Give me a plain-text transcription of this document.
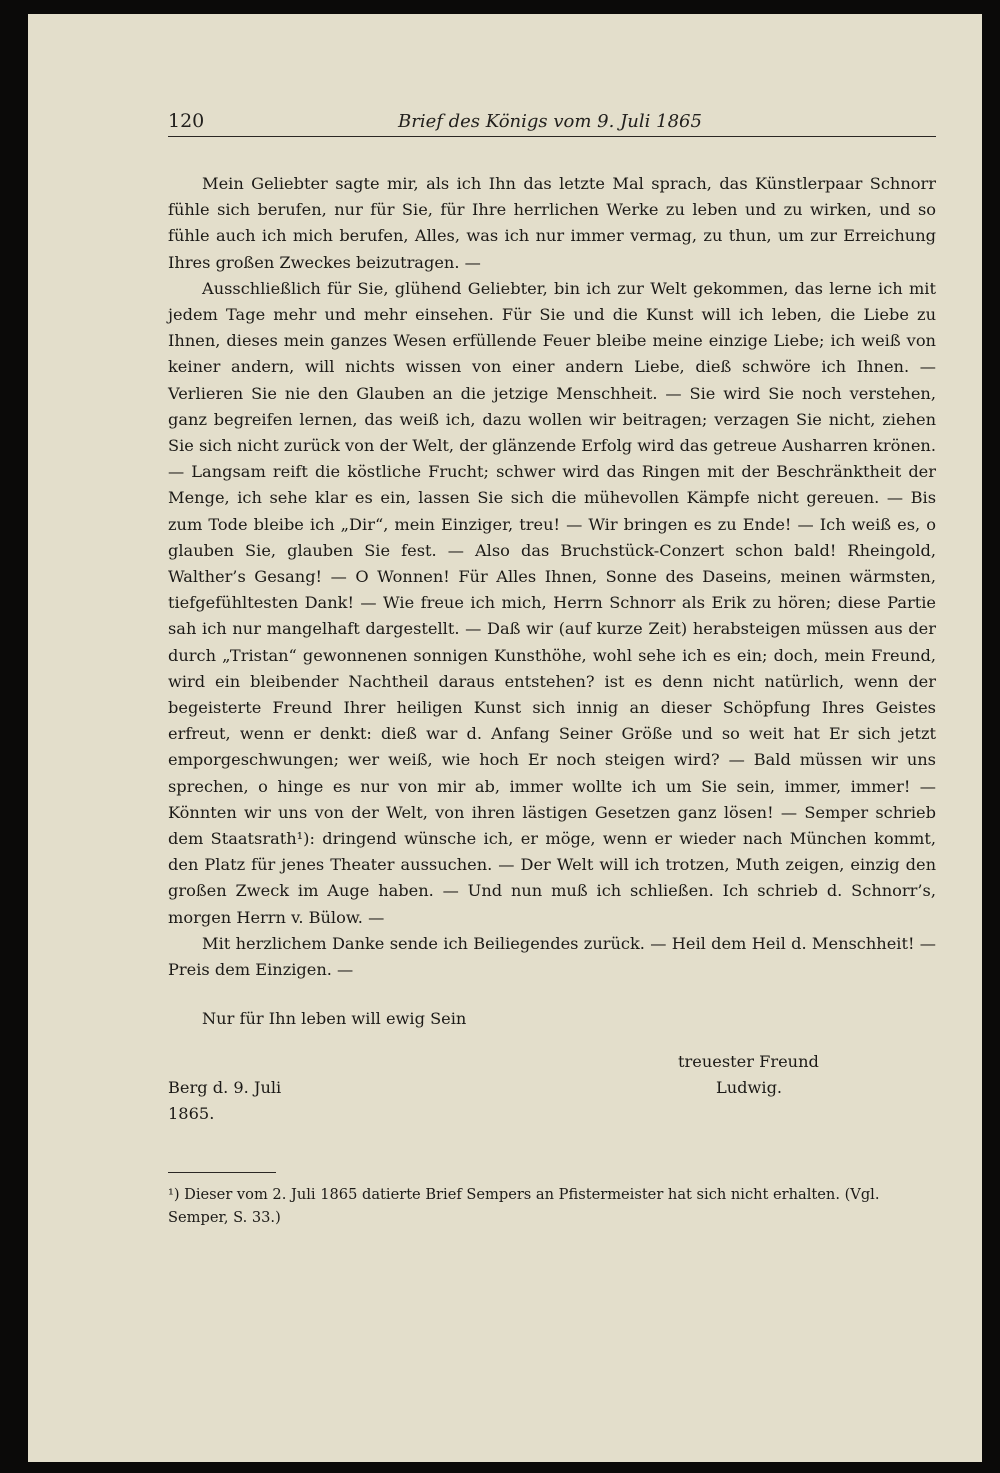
120	Brief des Königs vom 9. Juli 1865

Mein Geliebter sagte mir, als ich Ihn das letzte Mal sprach, das Künstlerpaar Schnorr fühle sich berufen, nur für Sie, für Ihre herrlichen Werke zu leben und zu wirken, und so fühle auch ich mich berufen, Alles, was ich nur immer vermag, zu thun, um zur Erreichung Ihres großen Zweckes beizutragen. —

Ausschließlich für Sie, glühend Geliebter, bin ich zur Welt gekommen, das lerne ich mit jedem Tage mehr und mehr einsehen. Für Sie und die Kunst will ich leben, die Liebe zu Ihnen, dieses mein ganzes Wesen erfüllende Feuer bleibe meine einzige Liebe; ich weiß von keiner andern, will nichts wissen von einer andern Liebe, dieß schwöre ich Ihnen. — Verlieren Sie nie den Glauben an die jetzige Menschheit. — Sie wird Sie noch verstehen, ganz begreifen lernen, das weiß ich, dazu wollen wir beitragen; verzagen Sie nicht, ziehen Sie sich nicht zurück von der Welt, der glänzende Erfolg wird das getreue Ausharren krönen. — Langsam reift die köstliche Frucht; schwer wird das Ringen mit der Beschränktheit der Menge, ich sehe klar es ein, lassen Sie sich die mühevollen Kämpfe nicht gereuen. — Bis zum Tode bleibe ich „Dir“, mein Einziger, treu! — Wir bringen es zu Ende! — Ich weiß es, o glauben Sie, glauben Sie fest. — Also das Bruchstück-Conzert schon bald! Rheingold, Walther’s Gesang! — O Wonnen! Für Alles Ihnen, Sonne des Daseins, meinen wärmsten, tiefgefühltesten Dank! — Wie freue ich mich, Herrn Schnorr als Erik zu hören; diese Partie sah ich nur mangelhaft dargestellt. — Daß wir (auf kurze Zeit) herabsteigen müssen aus der durch „Tristan“ gewonnenen sonnigen Kunsthöhe, wohl sehe ich es ein; doch, mein Freund, wird ein bleibender Nachtheil daraus entstehen? ist es denn nicht natürlich, wenn der begeisterte Freund Ihrer heiligen Kunst sich innig an dieser Schöpfung Ihres Geistes erfreut, wenn er denkt: dieß war d. Anfang Seiner Größe und so weit hat Er sich jetzt emporgeschwungen; wer weiß, wie hoch Er noch steigen wird? — Bald müssen wir uns sprechen, o hinge es nur von mir ab, immer wollte ich um Sie sein, immer, immer! — Könnten wir uns von der Welt, von ihren lästigen Gesetzen ganz lösen! — Semper schrieb dem Staatsrath¹): dringend wünsche ich, er möge, wenn er wieder nach München kommt, den Platz für jenes Theater aussuchen. — Der Welt will ich trotzen, Muth zeigen, einzig den großen Zweck im Auge haben. — Und nun muß ich schließen. Ich schrieb d. Schnorr’s, morgen Herrn v. Bülow. —

Mit herzlichem Danke sende ich Beiliegendes zurück. — Heil dem Heil d. Menschheit! — Preis dem Einzigen. —

Nur für Ihn leben will ewig Sein
treuester Freund
Berg d. 9. Juli	Ludwig.
1865.
¹) Dieser vom 2. Juli 1865 datierte Brief Sempers an Pfistermeister hat sich nicht erhalten. (Vgl. Semper, S. 33.)
